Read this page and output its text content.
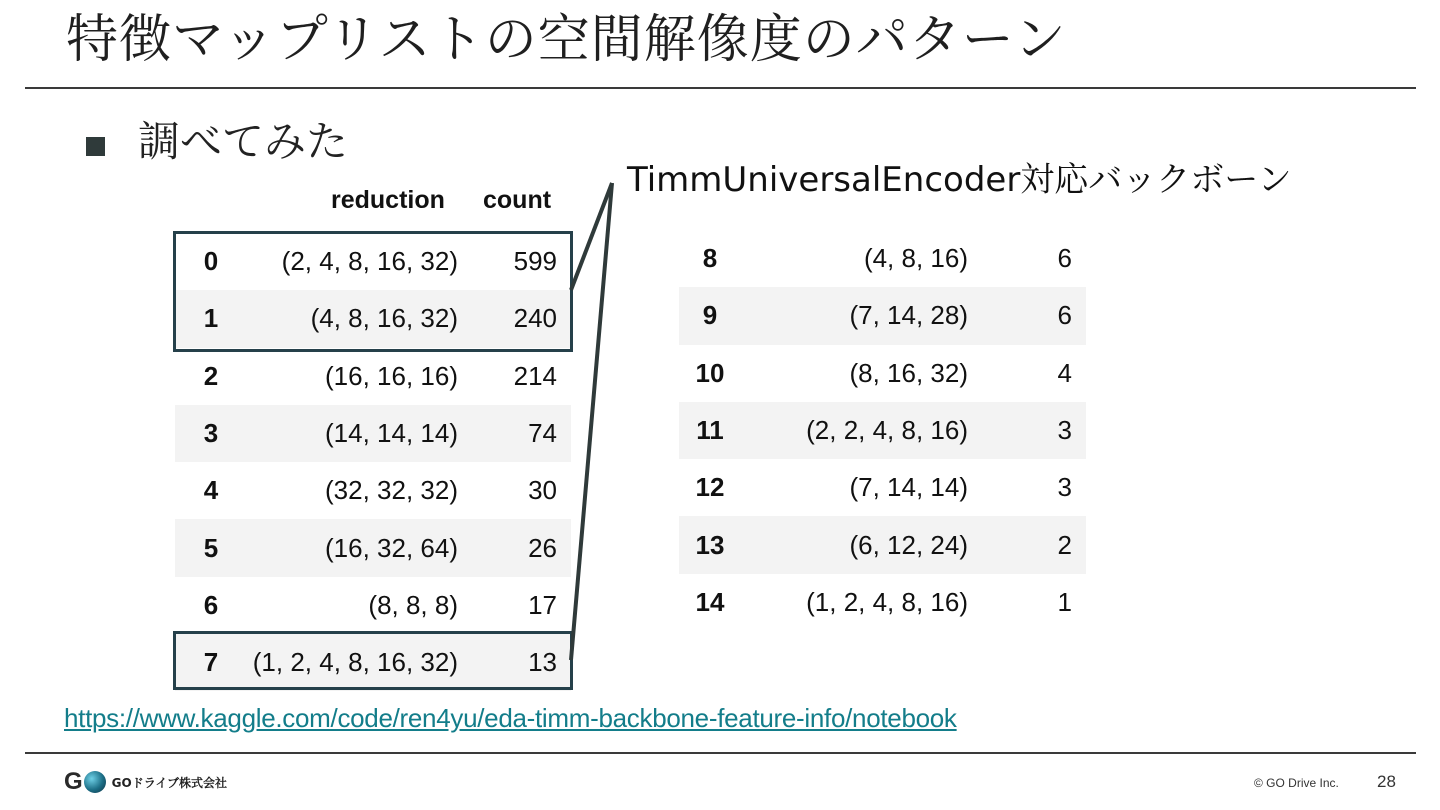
特徴マップリストの空間解像度のパターン
調べてみた
TimmUniversalEncoder対応バックボーン
reduction count
0	(2, 4, 8, 16, 32)	599
1	(4, 8, 16, 32)	240
2	(16, 16, 16)	214
3	(14, 14, 14)	74
4	(32, 32, 32)	30
5	(16, 32, 64)	26
6	(8, 8, 8)	17
7	(1, 2, 4, 8, 16, 32)	13
8	(4, 8, 16)	6
9	(7, 14, 28)	6
10	(8, 16, 32)	4
11	(2, 2, 4, 8, 16)	3
12	(7, 14, 14)	3
13	(6, 12, 24)	2
14	(1, 2, 4, 8, 16)	1
https://www.kaggle.com/code/ren4yu/eda-timm-backbone-feature-info/notebook
G GOドライブ株式会社	© GO Drive Inc. 28
